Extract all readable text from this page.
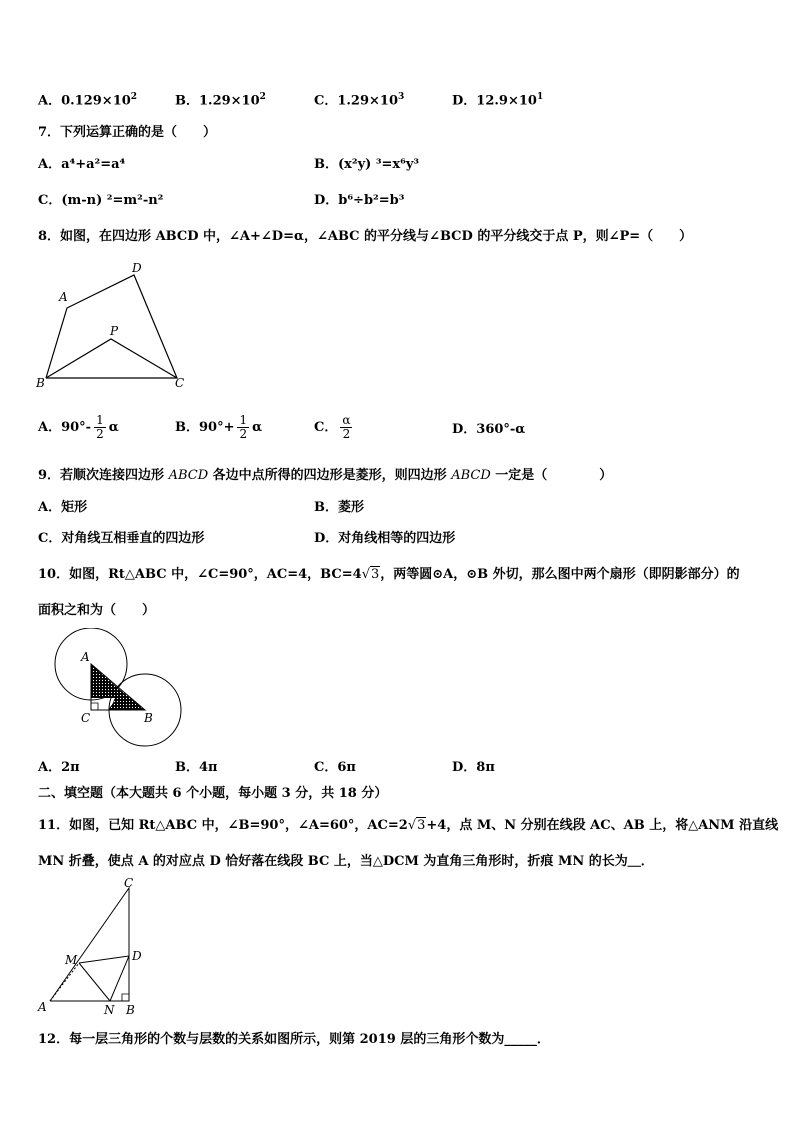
A．$0.129\times 10^2$	B．$1.29\times 10^2$	C．$1.29\times 10^3$	D．$12.9\times 10^1$
7．下列运算正确的是（　　）
A．a⁴+a²=a⁴	B．(x²y) ³=x⁶y³
C．(m-n) ²=m²-n²	D．b⁶÷b²=b³
8．如图，在四边形 ABCD 中，∠A+∠D=α，∠ABC 的平分线与∠BCD 的平分线交于点 P，则∠P=（　　）
A
B	C
D
P
A．$90^\circ- \frac{1}{2}$ α	B．$90^\circ+ \frac{1}{2}$ α	C． $\frac{\alpha}{2}$	D．360°-α
9．若顺次连接四边形 ABCD 各边中点所得的四边形是菱形，则四边形 ABCD 一定是（　　　　）
A．矩形	B．菱形
C．对角线互相垂直的四边形	D．对角线相等的四边形
10．如图，Rt△ABC 中，∠C=90°，AC=4，BC=4√3，两等圆⊙A，⊙B 外切，那么图中两个扇形（即阴影部分）的
面积之和为（　　）
A
C	B
A．2π	B．4π	C．6π	D．8π
二、填空题（本大题共 6 个小题，每小题 3 分，共 18 分）
11．如图，已知 Rt△ABC 中，∠B=90°，∠A=60°，AC=2√3+4，点 M、N 分别在线段 AC、AB 上，将△ANM 沿直线
MN 折叠，使点 A 的对应点 D 恰好落在线段 BC 上，当△DCM 为直角三角形时，折痕 MN 的长为＿．
C
M	D
A	N B
12．每一层三角形的个数与层数的关系如图所示，则第 2019 层的三角形个数为_____．
